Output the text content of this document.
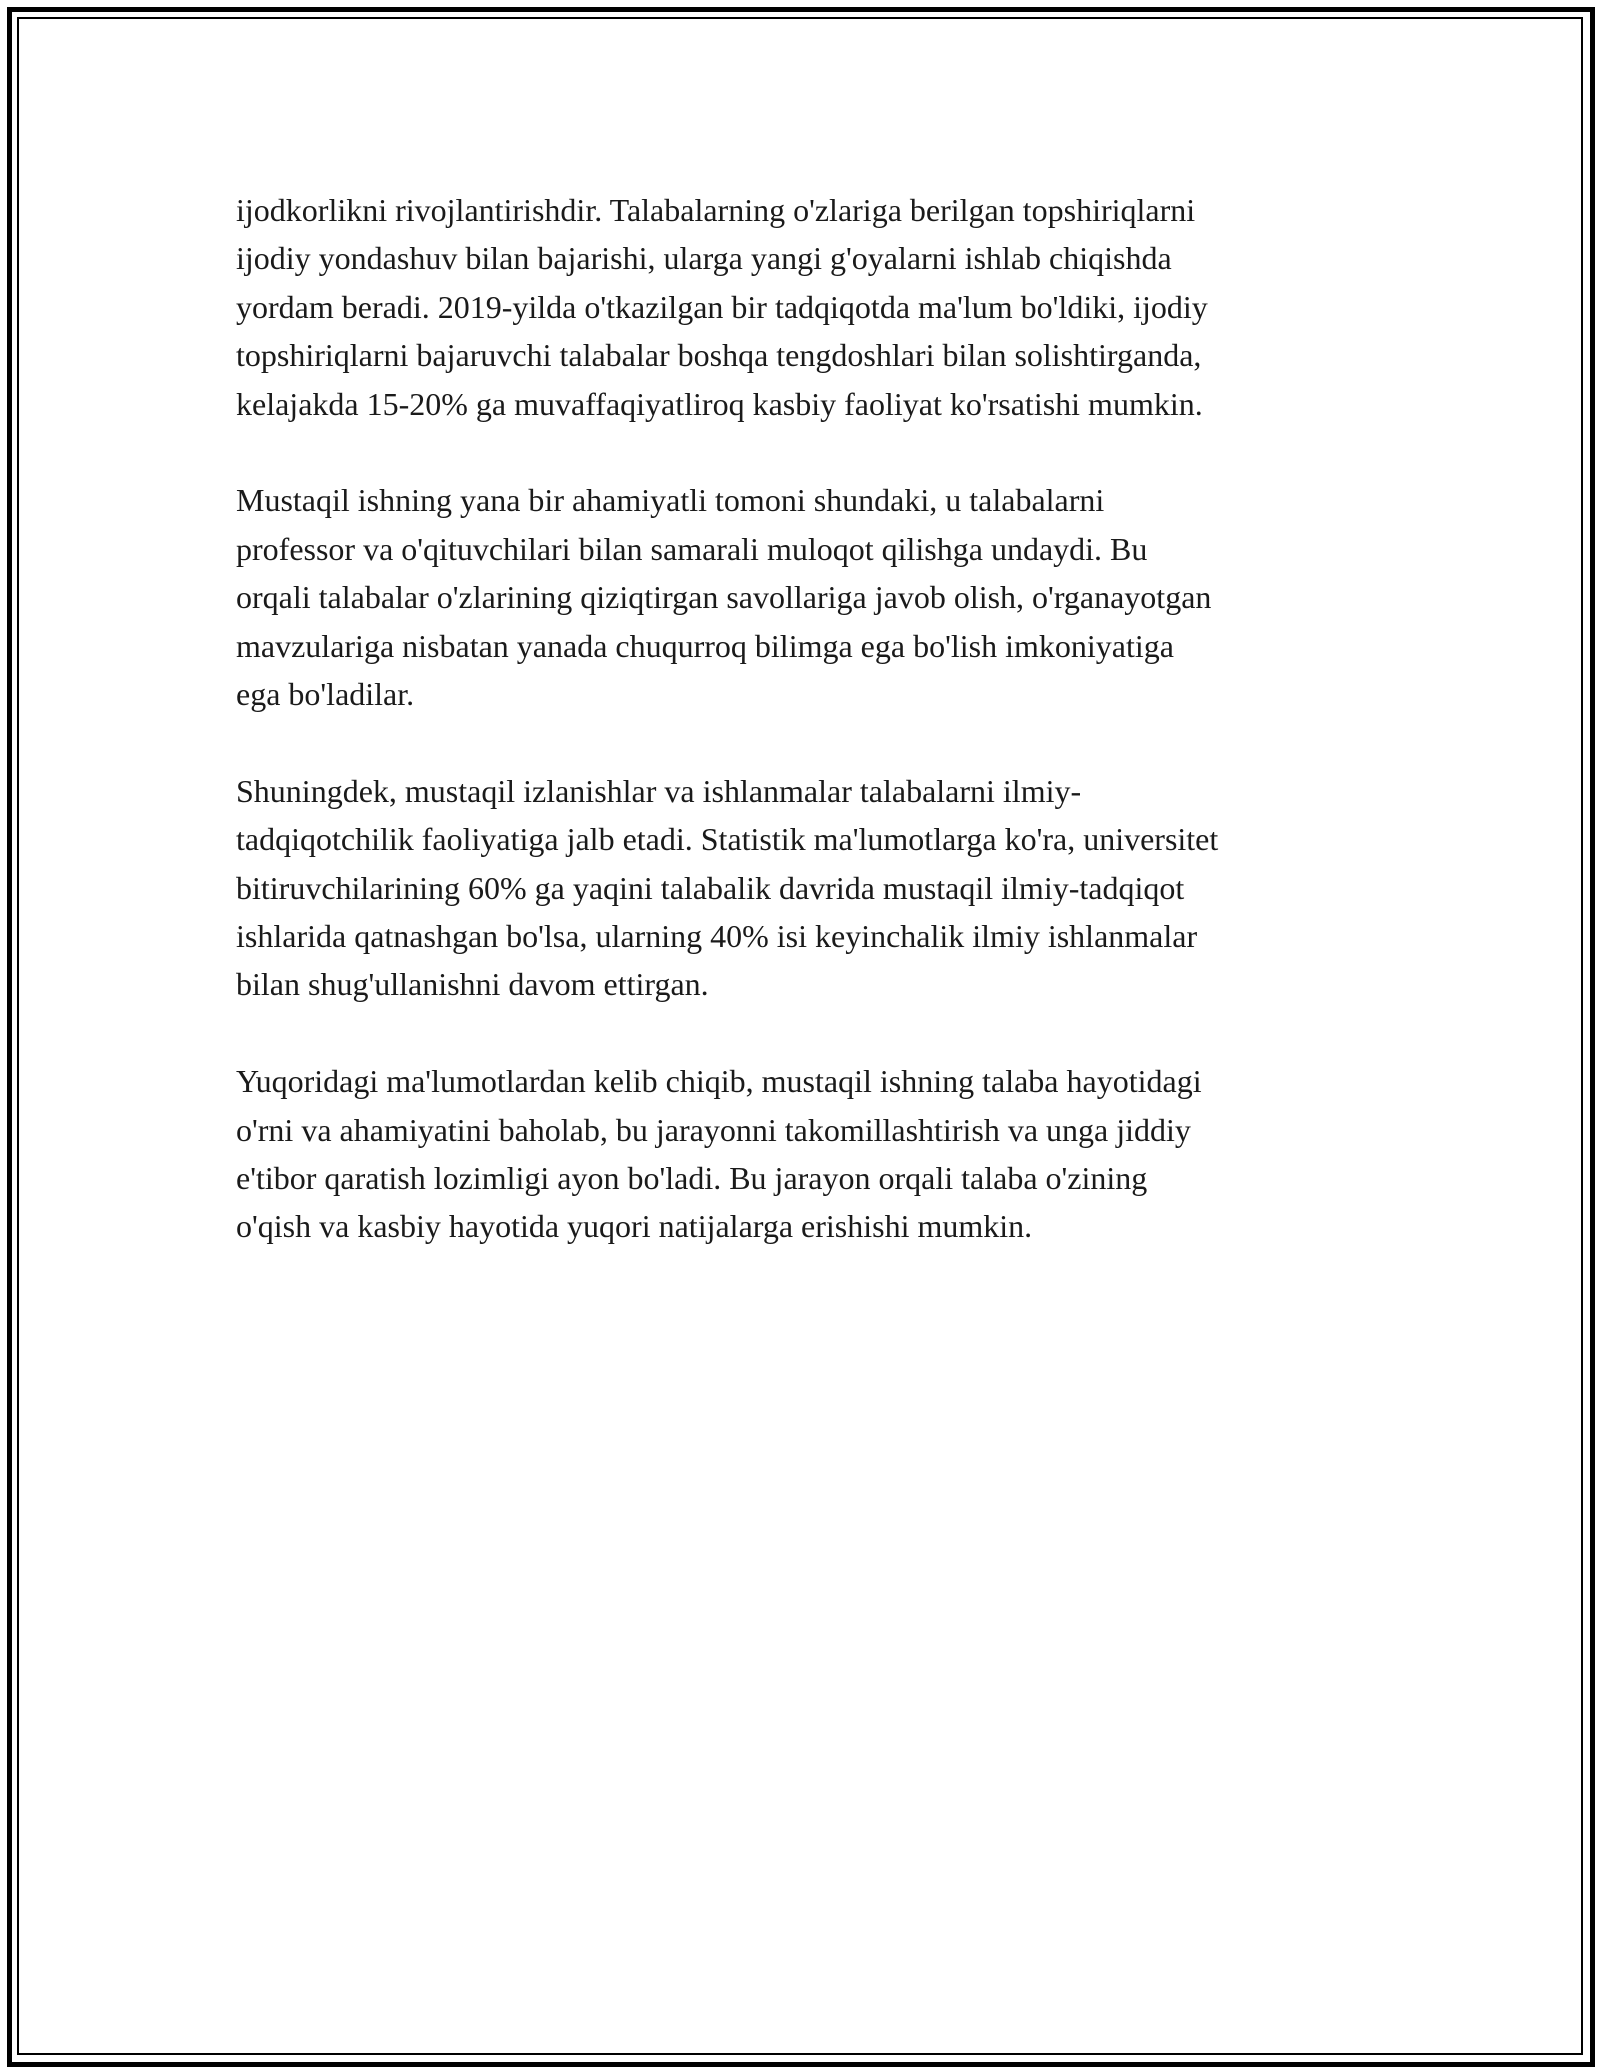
ijodkorlikni rivojlantirishdir. Talabalarning o'zlariga berilgan topshiriqlarni
ijodiy yondashuv bilan bajarishi, ularga yangi g'oyalarni ishlab chiqishda
yordam beradi. 2019-yilda o'tkazilgan bir tadqiqotda ma'lum bo'ldiki, ijodiy
topshiriqlarni bajaruvchi talabalar boshqa tengdoshlari bilan solishtirganda,
kelajakda 15-20% ga muvaffaqiyatliroq kasbiy faoliyat ko'rsatishi mumkin.

Mustaqil ishning yana bir ahamiyatli tomoni shundaki, u talabalarni
professor va o'qituvchilari bilan samarali muloqot qilishga undaydi. Bu
orqali talabalar o'zlarining qiziqtirgan savollariga javob olish, o'rganayotgan
mavzulariga nisbatan yanada chuqurroq bilimga ega bo'lish imkoniyatiga
ega bo'ladilar.

Shuningdek, mustaqil izlanishlar va ishlanmalar talabalarni ilmiy-
tadqiqotchilik faoliyatiga jalb etadi. Statistik ma'lumotlarga ko'ra, universitet
bitiruvchilarining 60% ga yaqini talabalik davrida mustaqil ilmiy-tadqiqot
ishlarida qatnashgan bo'lsa, ularning 40% isi keyinchalik ilmiy ishlanmalar
bilan shug'ullanishni davom ettirgan.

Yuqoridagi ma'lumotlardan kelib chiqib, mustaqil ishning talaba hayotidagi
o'rni va ahamiyatini baholab, bu jarayonni takomillashtirish va unga jiddiy
e'tibor qaratish lozimligi ayon bo'ladi. Bu jarayon orqali talaba o'zining
o'qish va kasbiy hayotida yuqori natijalarga erishishi mumkin.
